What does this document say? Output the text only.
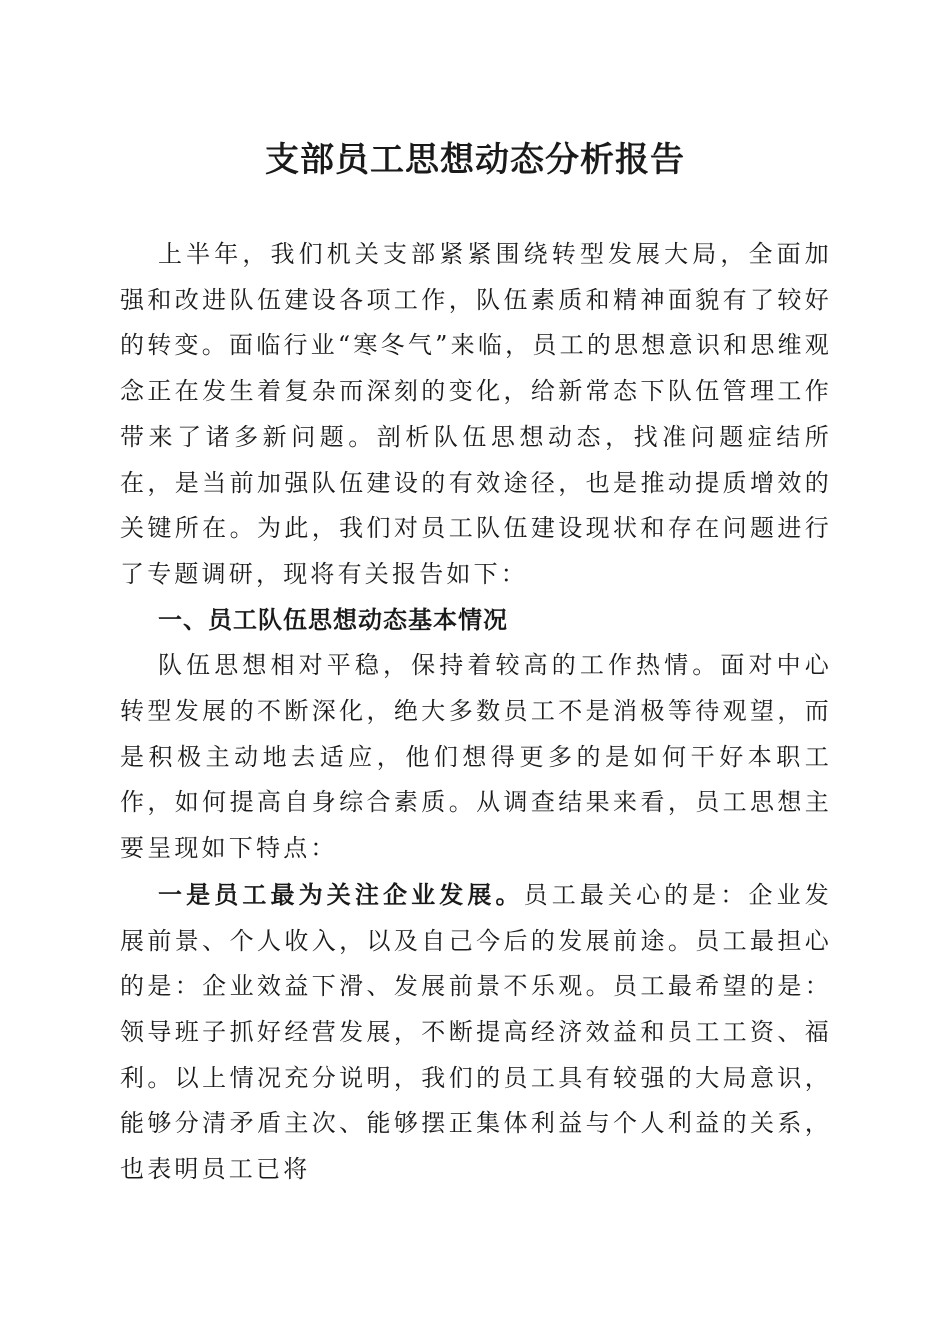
支部员工思想动态分析报告

上半年，我们机关支部紧紧围绕转型发展大局，全面加强和改进队伍建设各项工作，队伍素质和精神面貌有了较好的转变。面临行业“寒冬气”来临，员工的思想意识和思维观念正在发生着复杂而深刻的变化，给新常态下队伍管理工作带来了诸多新问题。剖析队伍思想动态，找准问题症结所在，是当前加强队伍建设的有效途径，也是推动提质增效的关键所在。为此，我们对员工队伍建设现状和存在问题进行了专题调研，现将有关报告如下：

一、员工队伍思想动态基本情况

队伍思想相对平稳，保持着较高的工作热情。面对中心转型发展的不断深化，绝大多数员工不是消极等待观望，而是积极主动地去适应，他们想得更多的是如何干好本职工作，如何提高自身综合素质。从调查结果来看，员工思想主要呈现如下特点：

一是员工最为关注企业发展。员工最关心的是：企业发展前景、个人收入，以及自己今后的发展前途。员工最担心的是：企业效益下滑、发展前景不乐观。员工最希望的是：领导班子抓好经营发展，不断提高经济效益和员工工资、福利。以上情况充分说明，我们的员工具有较强的大局意识，能够分清矛盾主次、能够摆正集体利益与个人利益的关系，也表明员工已将
